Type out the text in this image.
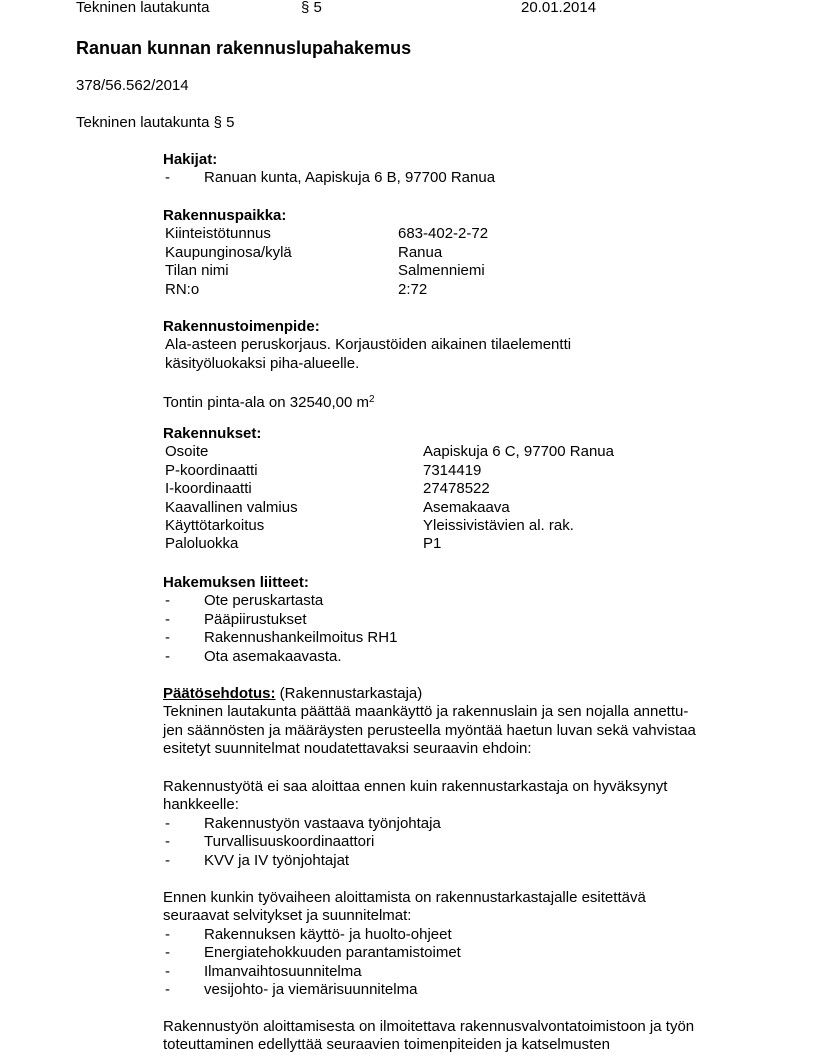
Tekninen lautakunta	§ 5	20.01.2014
Ranuan kunnan rakennuslupahakemus
378/56.562/2014
Tekninen lautakunta § 5
Hakijat:
-	Ranuan kunta, Aapiskuja 6 B, 97700 Ranua
Rakennuspaikka:
Kiinteistötunnus	683-402-2-72
Kaupunginosa/kylä	Ranua
Tilan nimi	Salmenniemi
RN:o	2:72
Rakennustoimenpide:
Ala-asteen peruskorjaus. Korjaustöiden aikainen tilaelementti
käsityöluokaksi piha-alueelle.
Tontin pinta-ala on 32540,00 $m^2$
Rakennukset:
Osoite	Aapiskuja 6 C, 97700 Ranua
P-koordinaatti	7314419
I-koordinaatti	27478522
Kaavallinen valmius	Asemakaava
Käyttötarkoitus	Yleissivistävien al. rak.
Paloluokka	P1
Hakemuksen liitteet:
-	Ote peruskartasta
-	Pääpiirustukset
-	Rakennushankeilmoitus RH1
-	Ota asemakaavasta.
Päätösehdotus: (Rakennustarkastaja)
Tekninen lautakunta päättää maankäyttö ja rakennuslain ja sen nojalla annettu-
jen säännösten ja määräysten perusteella myöntää haetun luvan sekä vahvistaa
esitetyt suunnitelmat noudatettavaksi seuraavin ehdoin:
Rakennustyötä ei saa aloittaa ennen kuin rakennustarkastaja on hyväksynyt
hankkeelle:
-	Rakennustyön vastaava työnjohtaja
-	Turvallisuuskoordinaattori
-	KVV ja IV työnjohtajat
Ennen kunkin työvaiheen aloittamista on rakennustarkastajalle esitettävä
seuraavat selvitykset ja suunnitelmat:
-	Rakennuksen käyttö- ja huolto-ohjeet
-	Energiatehokkuuden parantamistoimet
-	Ilmanvaihtosuunnitelma
-	vesijohto- ja viemärisuunnitelma
Rakennustyön aloittamisesta on ilmoitettava rakennusvalvontatoimistoon ja työn
toteuttaminen edellyttää seuraavien toimenpiteiden ja katselmusten
